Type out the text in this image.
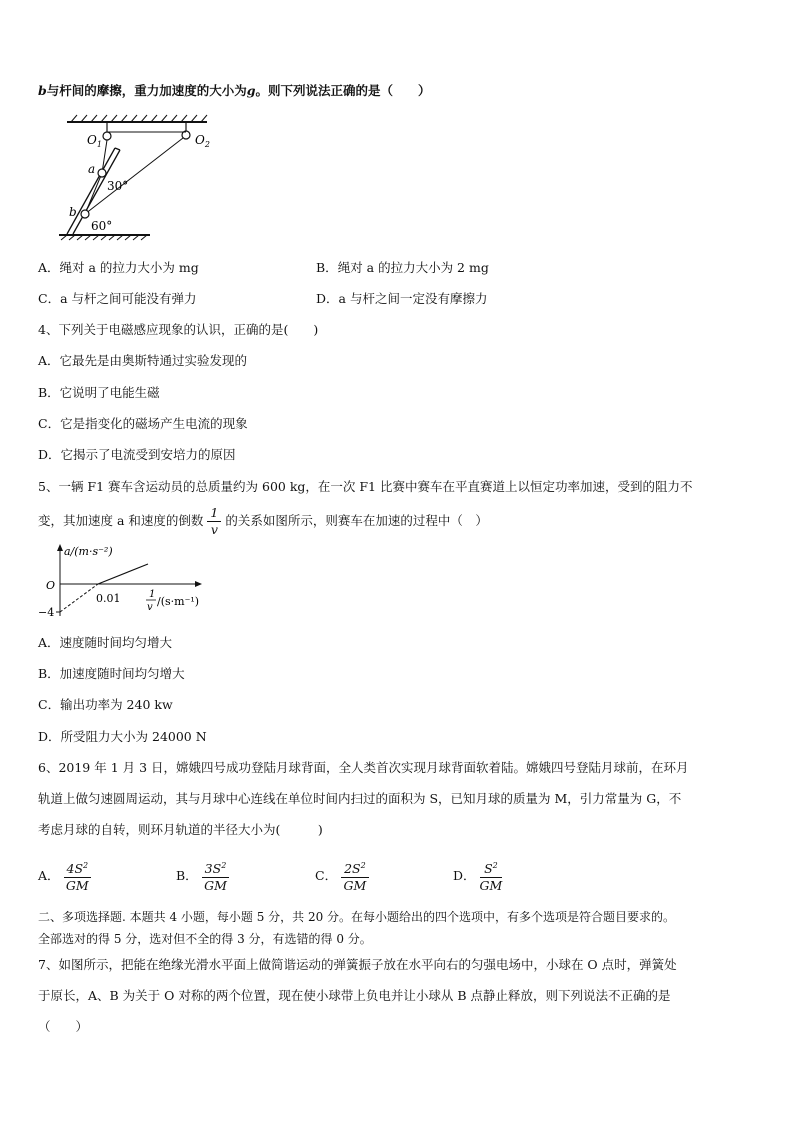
b与杆间的摩擦，重力加速度的大小为g。则下列说法正确的是（　　）
$O_1$	$O_2$
a
b
30°
60°
A．绳对 a 的拉力大小为 mg	B．绳对 a 的拉力大小为 2 mg
C．a 与杆之间可能没有弹力	D．a 与杆之间一定没有摩擦力
4、下列关于电磁感应现象的认识，正确的是(　　)
A．它最先是由奥斯特通过实验发现的
B．它说明了电能生磁
C．它是指变化的磁场产生电流的现象
D．它揭示了电流受到安培力的原因
5、一辆 F1 赛车含运动员的总质量约为 600 kg，在一次 F1 比赛中赛车在平直赛道上以恒定功率加速，受到的阻力不
变，其加速度 a 和速度的倒数 $\frac{1}{v}$ 的关系如图所示，则赛车在加速的过程中（　）
a/(m·s⁻²)
O
−4
0.01	1
v /(s·m⁻¹)
A．速度随时间均匀增大
B．加速度随时间均匀增大
C．输出功率为 240 kw
D．所受阻力大小为 24000 N
6、2019 年 1 月 3 日，嫦娥四号成功登陆月球背面，全人类首次实现月球背面软着陆。嫦娥四号登陆月球前，在环月
轨道上做匀速圆周运动，其与月球中心连线在单位时间内扫过的面积为 S，已知月球的质量为 M，引力常量为 G，不
考虑月球的自转，则环月轨道的半径大小为(　　　)
A． $\frac{4S^2}{GM}$	B． $\frac{3S^2}{GM}$	C． $\frac{2S^2}{GM}$	D． $\frac{S^2}{GM}$
二、多项选择题. 本题共 4 小题，每小题 5 分，共 20 分。在每小题给出的四个选项中，有多个选项是符合题目要求的。
全部选对的得 5 分，选对但不全的得 3 分，有选错的得 0 分。
7、如图所示，把能在绝缘光滑水平面上做简谐运动的弹簧振子放在水平向右的匀强电场中，小球在 O 点时，弹簧处
于原长，A、B 为关于 O 对称的两个位置，现在使小球带上负电并让小球从 B 点静止释放，则下列说法不正确的是
（　　）
